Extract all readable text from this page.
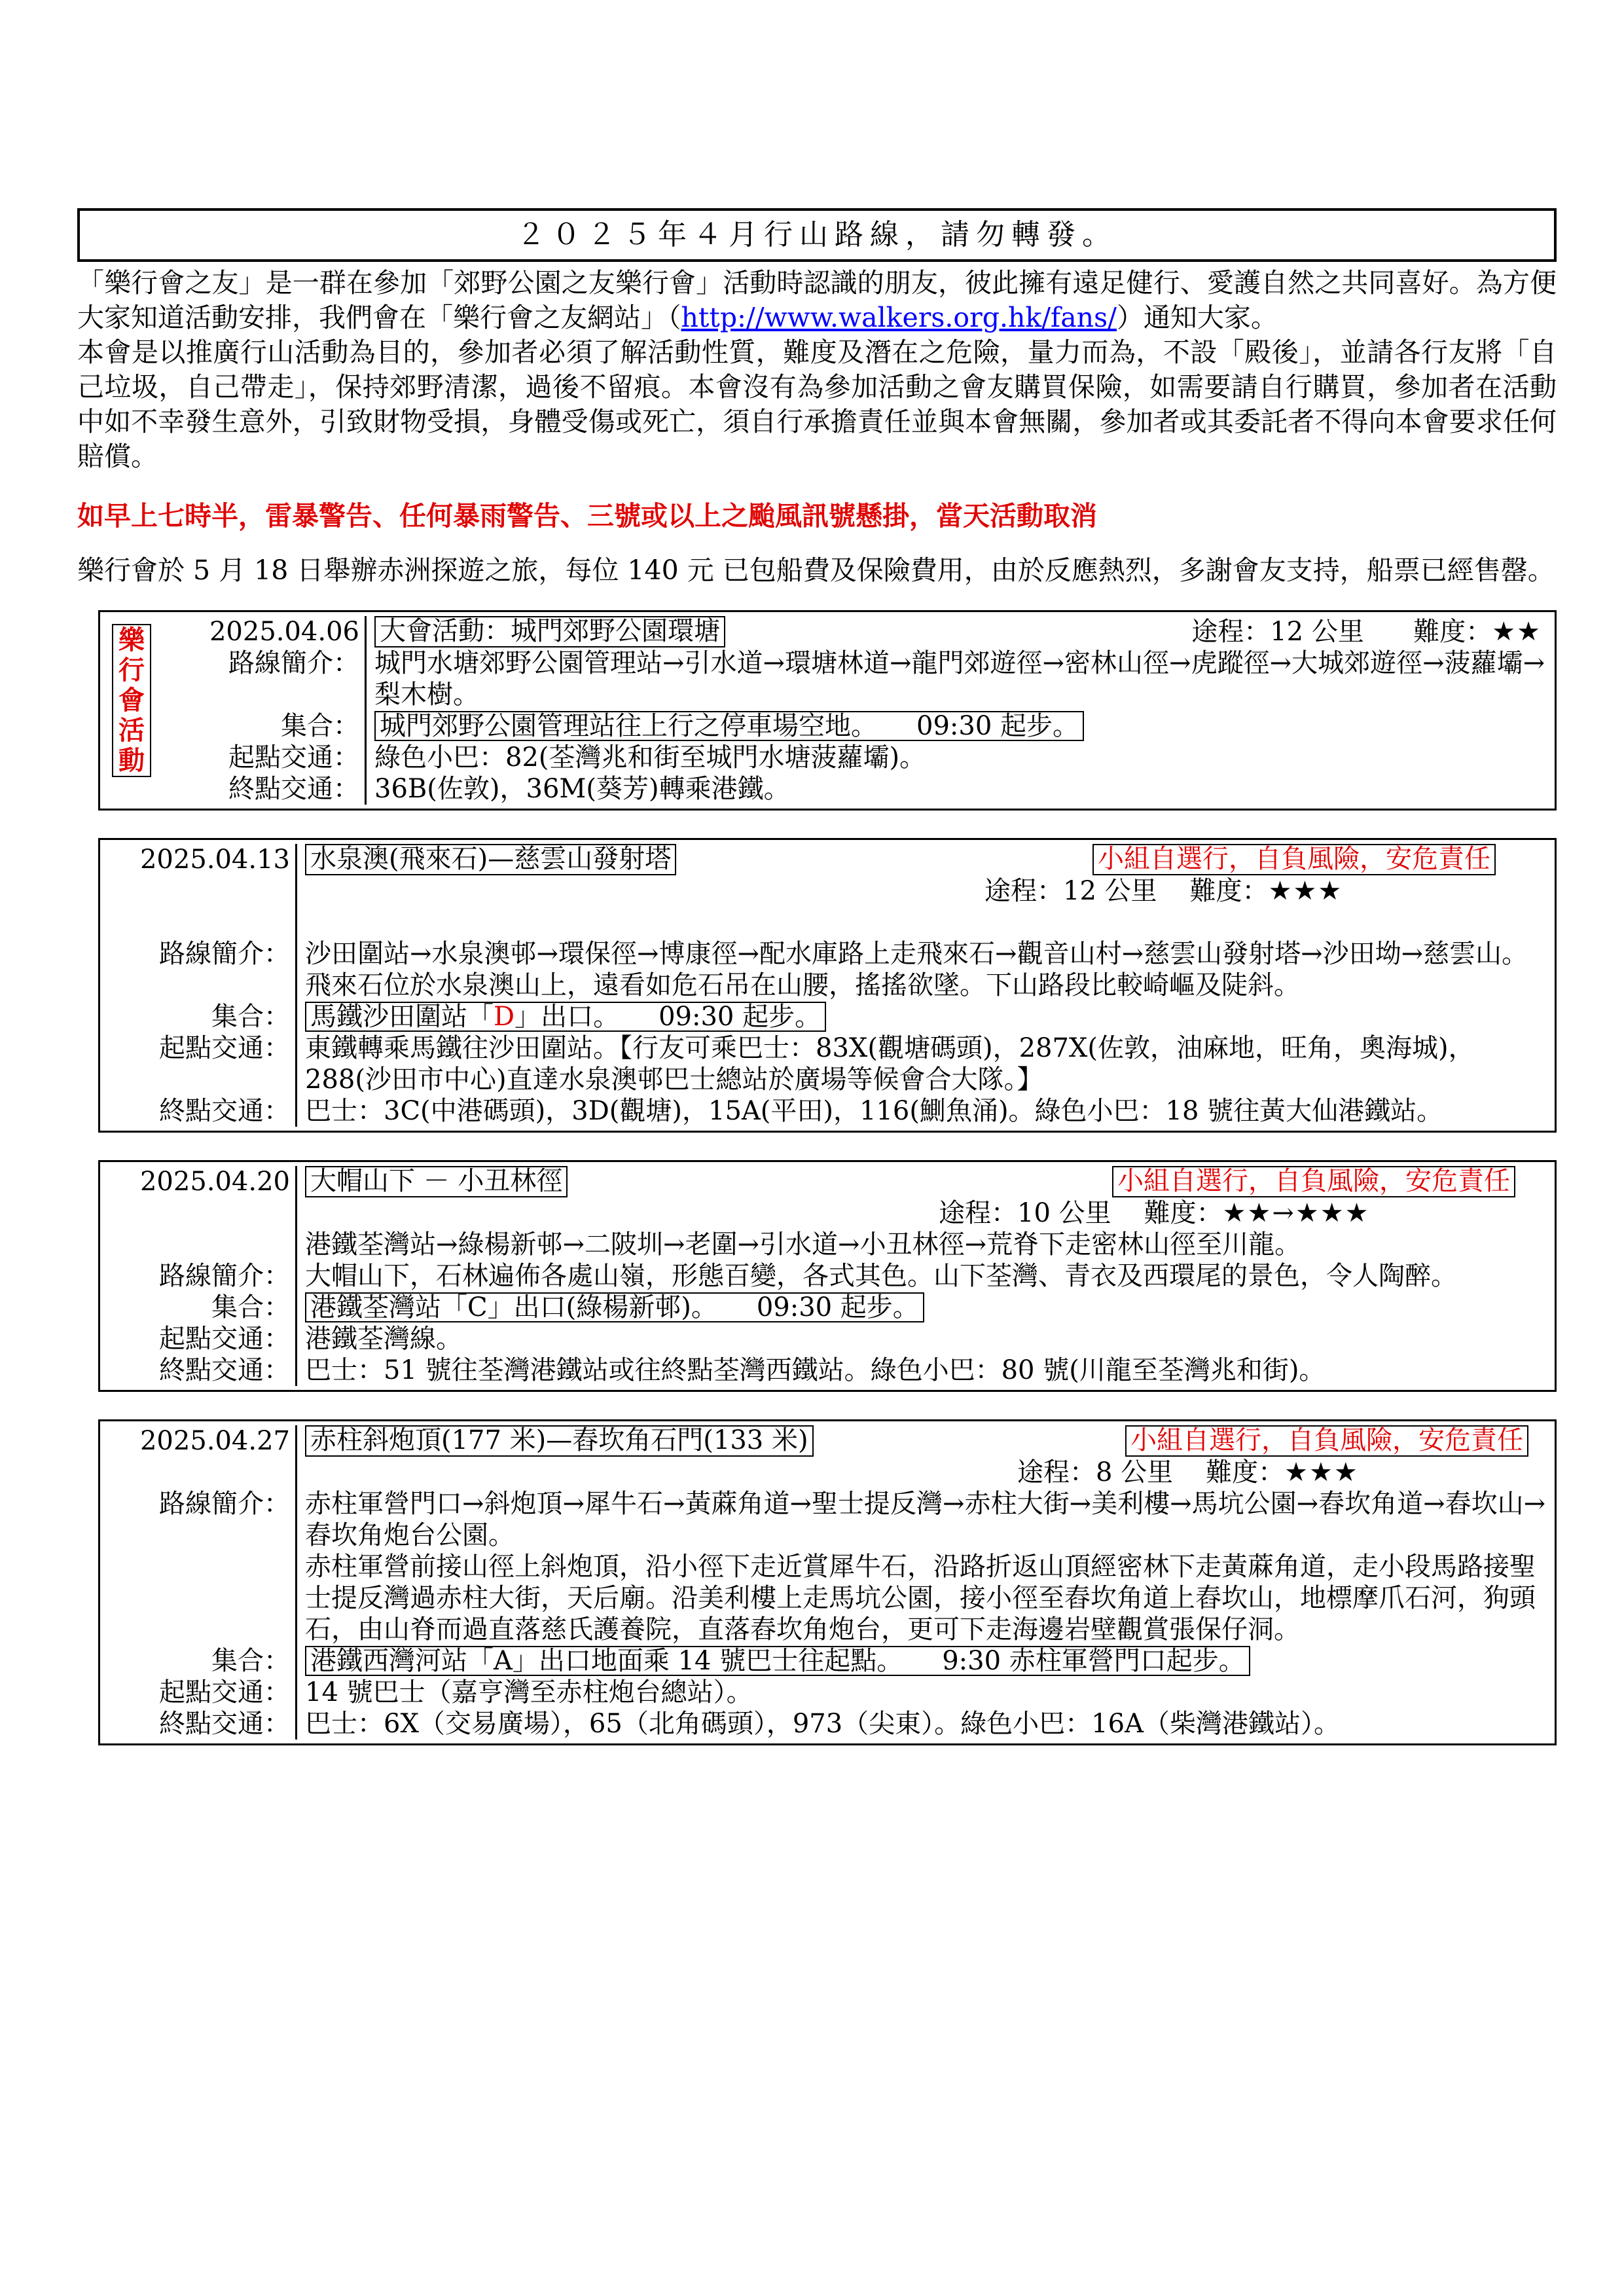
２０２５年４月行山路線，請勿轉發。

「樂行會之友」是一群在參加「郊野公園之友樂行會」活動時認識的朋友，彼此擁有遠足健行、愛護自然之共同喜好。為方便大家知道活動安排，我們會在「樂行會之友網站」（http://www.walkers.org.hk/fans/）通知大家。

本會是以推廣行山活動為目的，參加者必須了解活動性質，難度及潛在之危險，量力而為，不設「殿後」，並請各行友將「自己垃圾，自己帶走」，保持郊野清潔，過後不留痕。本會沒有為參加活動之會友購買保險，如需要請自行購買，參加者在活動中如不幸發生意外，引致財物受損，身體受傷或死亡，須自行承擔責任並與本會無關，參加者或其委託者不得向本會要求任何賠償。

如早上七時半，雷暴警告、任何暴雨警告、三號或以上之颱風訊號懸掛，當天活動取消
樂行會於 5 月 18 日舉辦赤洲探遊之旅，每位 140 元 已包船費及保險費用，由於反應熱烈，多謝會友支持，船票已經售罄。
樂行會活動
2025.04.06 大會活動：城門郊野公園環塘	途程：12 公里 難度：★★
路線簡介： 城門水塘郊野公園管理站→引水道→環塘林道→龍門郊遊徑→密林山徑→虎蹤徑→大城郊遊徑→菠蘿壩→梨木樹。
集合： 城門郊野公園管理站往上行之停車場空地。　　09:30 起步。
起點交通： 綠色小巴：82(荃灣兆和街至城門水塘菠蘿壩)。
終點交通： 36B(佐敦)，36M(葵芳)轉乘港鐵。
2025.04.13 水泉澳(飛來石)—慈雲山發射塔	小組自選行，自負風險，安危責任

途程：12 公里 難度：★★★

路線簡介： 沙田圍站→水泉澳邨→環保徑→博康徑→配水庫路上走飛來石→觀音山村→慈雲山發射塔→沙田坳→慈雲山。

飛來石位於水泉澳山上，遠看如危石吊在山腰，搖搖欲墜。下山路段比較崎嶇及陡斜。
集合： 馬鐵沙田圍站「D」出口。　　09:30 起步。
起點交通： 東鐵轉乘馬鐵往沙田圍站。【行友可乘巴士：83X(觀塘碼頭)，287X(佐敦，油麻地，旺角，奧海城)，288(沙田市中心)直達水泉澳邨巴士總站於廣場等候會合大隊。】
終點交通： 巴士：3C(中港碼頭)，3D(觀塘)，15A(平田)，116(鰂魚涌)。綠色小巴：18 號往黃大仙港鐵站。
2025.04.20 大帽山下 － 小丑林徑	小組自選行，自負風險，安危責任

途程：10 公里 難度：★★→★★★

港鐵荃灣站→綠楊新邨→二陂圳→老圍→引水道→小丑林徑→荒脊下走密林山徑至川龍。
路線簡介： 大帽山下，石林遍佈各處山嶺，形態百變，各式其色。山下荃灣、青衣及西環尾的景色，令人陶醉。
集合： 港鐵荃灣站「C」出口(綠楊新邨)。　　09:30 起步。
起點交通： 港鐵荃灣線。
終點交通： 巴士：51 號往荃灣港鐵站或往終點荃灣西鐵站。綠色小巴：80 號(川龍至荃灣兆和街)。
2025.04.27 赤柱斜炮頂(177 米)—舂坎角石門(133 米)	小組自選行，自負風險，安危責任

途程：8 公里 難度：★★★
路線簡介： 赤柱軍營門口→斜炮頂→犀牛石→黃蔴角道→聖士提反灣→赤柱大街→美利樓→馬坑公園→舂坎角道→舂坎山→舂坎角炮台公園。

赤柱軍營前接山徑上斜炮頂，沿小徑下走近賞犀牛石，沿路折返山頂經密林下走黃蔴角道，走小段馬路接聖士提反灣過赤柱大街，天后廟。沿美利樓上走馬坑公園，接小徑至舂坎角道上舂坎山，地標摩爪石河，狗頭石，由山脊而過直落慈氏護養院，直落舂坎角炮台，更可下走海邊岩壁觀賞張保仔洞。
集合： 港鐵西灣河站「A」出口地面乘 14 號巴士往起點。　　9:30 赤柱軍營門口起步。
起點交通： 14 號巴士（嘉亨灣至赤柱炮台總站）。
終點交通： 巴士：6X（交易廣場），65（北角碼頭），973（尖東）。綠色小巴：16A（柴灣港鐵站）。
